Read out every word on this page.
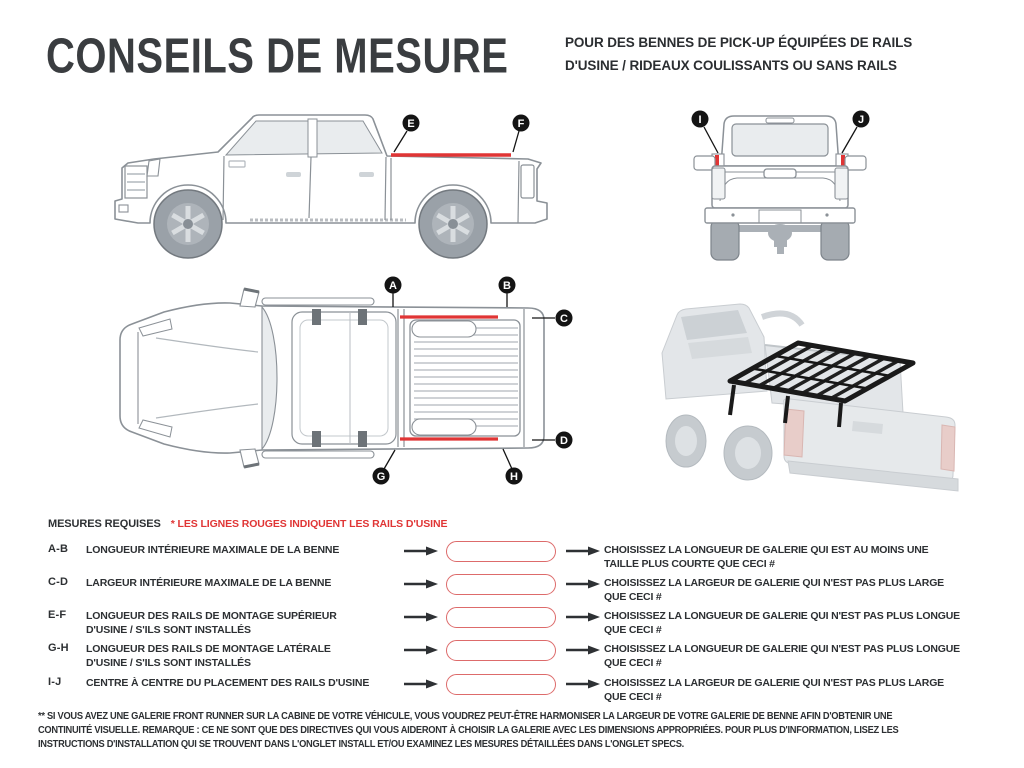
CONSEILS DE MESURE	POUR DES BENNES DE PICK-UP ÉQUIPÉES DE RAILS
D'USINE / RIDEAUX COULISSANTS OU SANS RAILS
E	F	I	J
A	B
C
D
G	H
MESURES REQUISES * LES LIGNES ROUGES INDIQUENT LES RAILS D'USINE
A-B LONGUEUR INTÉRIEURE MAXIMALE DE LA BENNE	CHOISISSEZ LA LONGUEUR DE GALERIE QUI EST AU MOINS UNE
TAILLE PLUS COURTE QUE CECI #
C-D LARGEUR INTÉRIEURE MAXIMALE DE LA BENNE	CHOISISSEZ LA LARGEUR DE GALERIE QUI N'EST PAS PLUS LARGE
QUE CECI #
E-F LONGUEUR DES RAILS DE MONTAGE SUPÉRIEUR
D'USINE / S'ILS SONT INSTALLÉS
CHOISISSEZ LA LONGUEUR DE GALERIE QUI N'EST PAS PLUS LONGUE
QUE CECI #
G-H LONGUEUR DES RAILS DE MONTAGE LATÉRALE
D'USINE / S'ILS SONT INSTALLÉS
CHOISISSEZ LA LONGUEUR DE GALERIE QUI N'EST PAS PLUS LONGUE
QUE CECI #
I-J CENTRE À CENTRE DU PLACEMENT DES RAILS D'USINE	CHOISISSEZ LA LARGEUR DE GALERIE QUI N'EST PAS PLUS LARGE
QUE CECI #
** SI VOUS AVEZ UNE GALERIE FRONT RUNNER SUR LA CABINE DE VOTRE VÉHICULE, VOUS VOUDREZ PEUT-ÊTRE HARMONISER LA LARGEUR DE VOTRE GALERIE DE BENNE AFIN D'OBTENIR UNE
CONTINUITÉ VISUELLE. REMARQUE : CE NE SONT QUE DES DIRECTIVES QUI VOUS AIDERONT À CHOISIR LA GALERIE AVEC LES DIMENSIONS APPROPRIÉES. POUR PLUS D'INFORMATION, LISEZ LES
INSTRUCTIONS D'INSTALLATION QUI SE TROUVENT DANS L'ONGLET INSTALL ET/OU EXAMINEZ LES MESURES DÉTAILLÉES DANS L'ONGLET SPECS.
